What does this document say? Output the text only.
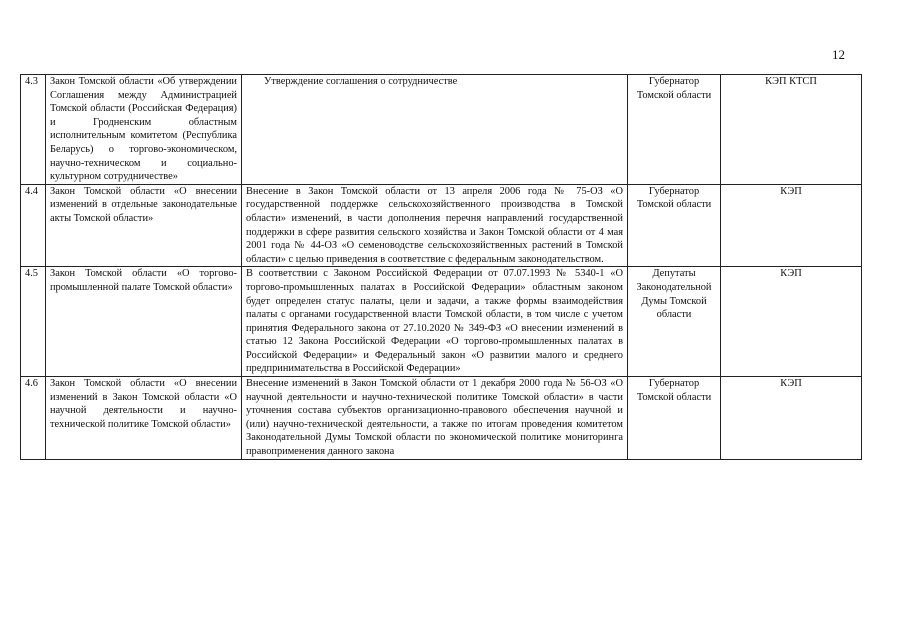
12
4.3	Закон Томской области «Об утверждении Соглашения между Администрацией Томской области (Российская Федерация) и Гродненским областным исполнительным комитетом (Республика Беларусь) о торгово-экономическом, научно-техническом и социально-культурном сотрудничестве»	Утверждение соглашения о сотрудничестве	Губернатор Томской области	КЭП КТСП
4.4	Закон Томской области «О внесении изменений в отдельные законодательные акты Томской области»	Внесение в Закон Томской области от 13 апреля 2006 года № 75-ОЗ «О государственной поддержке сельскохозяйственного производства в Томской области» изменений, в части дополнения перечня направлений государственной поддержки в сфере развития сельского хозяйства и Закон Томской области от 4 мая 2001 года № 44-ОЗ «О семеноводстве сельскохозяйственных растений в Томской области» с целью приведения в соответствие с федеральным законодательством.	Губернатор Томской области	КЭП
4.5	Закон Томской области «О торгово-промышленной палате Томской области»	В соответствии с Законом Российской Федерации от 07.07.1993 № 5340-1 «О торгово-промышленных палатах в Российской Федерации» областным законом будет определен статус палаты, цели и задачи, а также формы взаимодействия палаты с органами государственной власти Томской области, в том числе с учетом принятия Федерального закона от 27.10.2020 № 349-ФЗ «О внесении изменений в статью 12 Закона Российской Федерации «О торгово-промышленных палатах в Российской Федерации» и Федеральный закон «О развитии малого и среднего предпринимательства в Российской Федерации»	Депутаты Законодательной Думы Томской области	КЭП
4.6	Закон Томской области «О внесении изменений в Закон Томской области «О научной деятельности и научно-технической политике Томской области»	Внесение изменений в Закон Томской области от 1 декабря 2000 года № 56-ОЗ «О научной деятельности и научно-технической политике Томской области» в части уточнения состава субъектов организационно-правового обеспечения научной и (или) научно-технической деятельности, а также по итогам проведения комитетом Законодательной Думы Томской области по экономической политике мониторинга правоприменения данного закона	Губернатор Томской области	КЭП
